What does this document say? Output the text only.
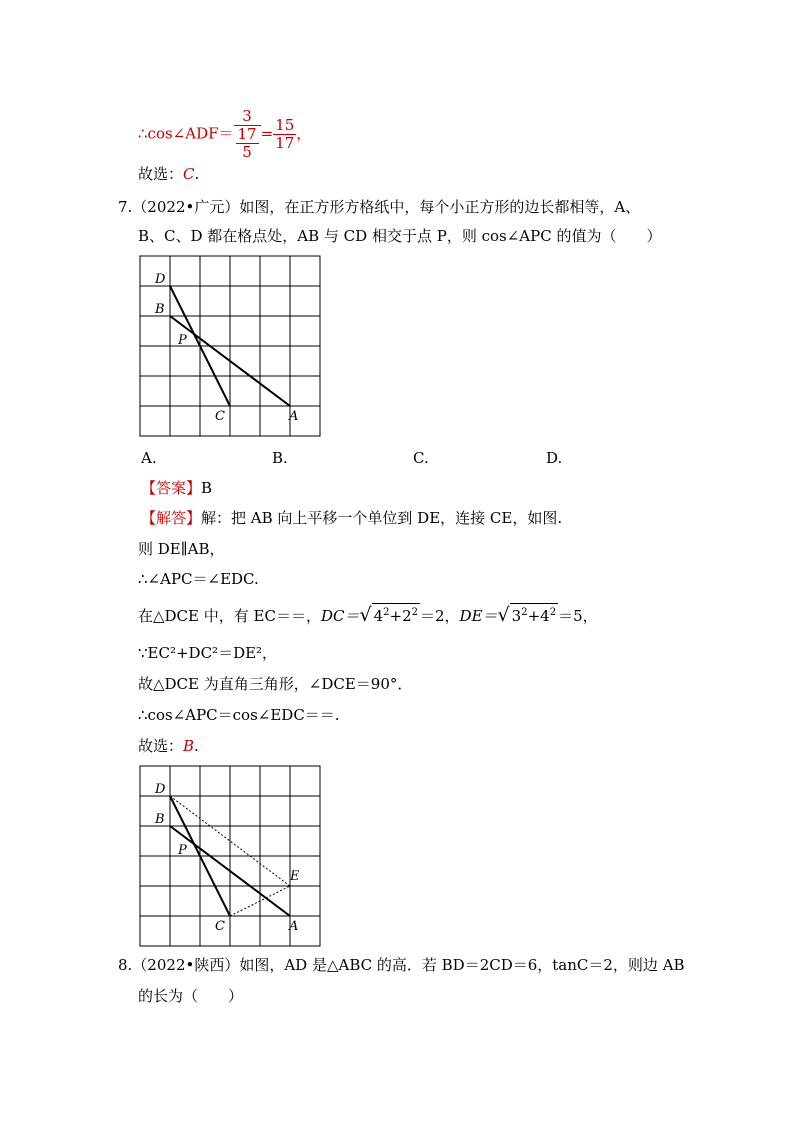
∴cos∠ADF＝ $\frac{3}{\frac{17}{5}} = \frac{15}{17}$ ，
故选：C.
7.（2022•广元）如图，在正方形方格纸中，每个小正方形的边长都相等，A、
B、C、D 都在格点处，AB 与 CD 相交于点 P，则 cos∠APC 的值为（　　）
D
B
P
C	A
A.	B.	C.	D.
【答案】B
【解答】解：把 AB 向上平移一个单位到 DE，连接 CE，如图.
则 DE∥AB，
∴∠APC＝∠EDC.
在△DCE 中，有 EC＝＝，DC＝√ $4^2+2^2 =2$，DE＝√ $3^2+4^2 =5$，
∵EC²+DC²＝DE²，
故△DCE 为直角三角形，∠DCE＝90°．
∴cos∠APC＝cos∠EDC＝＝.
故选：B.
D
B
P
C	A
E
8.（2022•陕西）如图，AD 是△ABC 的高．若 BD＝2CD＝6，tanC＝2，则边 AB
的长为（　　）
